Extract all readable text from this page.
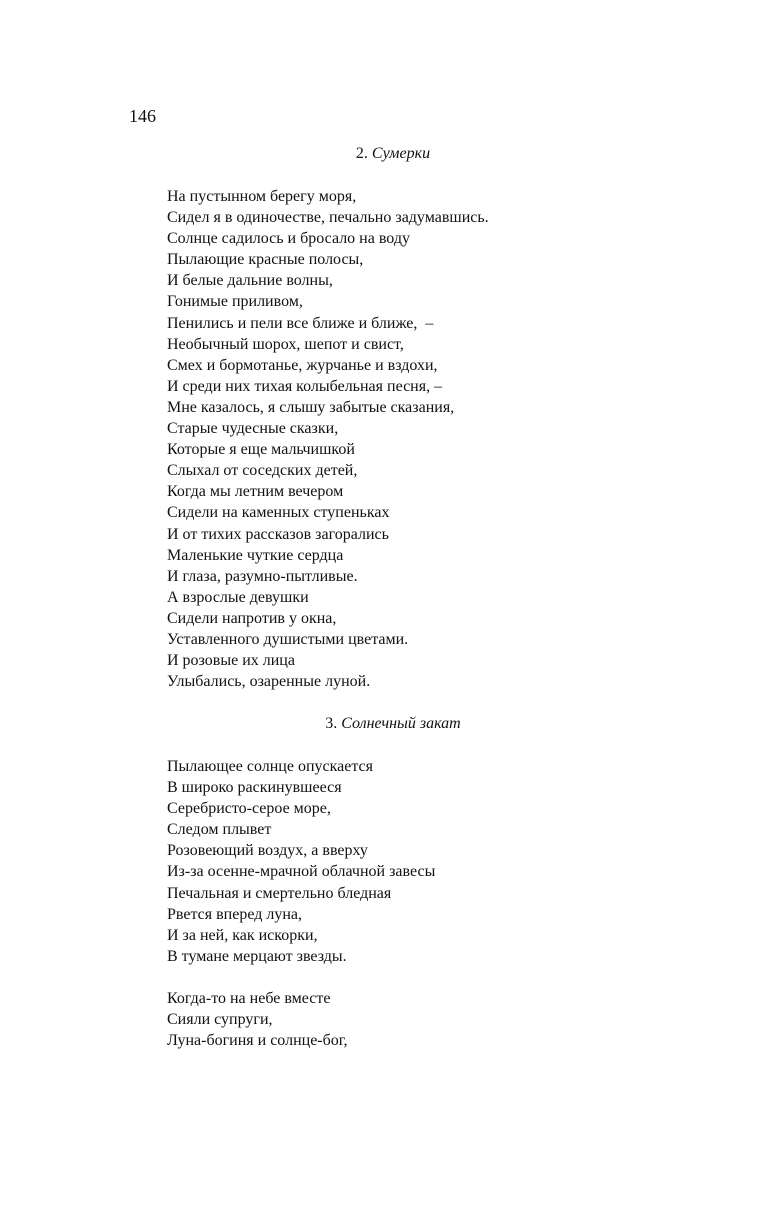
146
2. Сумерки
На пустынном берегу моря,
Сидел я в одиночестве, печально задумавшись.
Солнце садилось и бросало на воду
Пылающие красные полосы,
И белые дальние волны,
Гонимые приливом,
Пенились и пели все ближе и ближе,  –
Необычный шорох, шепот и свист,
Смех и бормотанье, журчанье и вздохи,
И среди них тихая колыбельная песня, –
Мне казалось, я слышу забытые сказания,
Старые чудесные сказки,
Которые я еще мальчишкой
Слыхал от соседских детей,
Когда мы летним вечером
Сидели на каменных ступеньках
И от тихих рассказов загорались
Маленькие чуткие сердца
И глаза, разумно-пытливые.
А взрослые девушки
Сидели напротив у окна,
Уставленного душистыми цветами.
И розовые их лица
Улыбались, озаренные луной.
3. Солнечный закат
Пылающее солнце опускается
В широко раскинувшееся
Серебристо-серое море,
Следом плывет
Розовеющий воздух, а вверху
Из-за осенне-мрачной облачной завесы
Печальная и смертельно бледная
Рвется вперед луна,
И за ней, как искорки,
В тумане мерцают звезды.
Когда-то на небе вместе
Сияли супруги,
Луна-богиня и солнце-бог,
